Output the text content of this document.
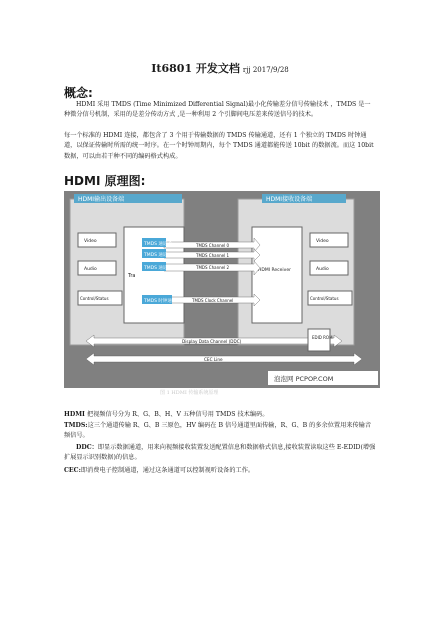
It6801 开发文档 rjj 2017/9/28
概念:
HDMI 采用 TMDS (Time Minimized Differential Signal)最小化传输差分信号传输技术 ，TMDS 是一种微分信号机制，采用的是差分传动方式 ,是一种利用 2 个引脚间电压差来传送信号的技术。
每一个标准的 HDMI 连接，都包含了 3 个用于传输数据的 TMDS 传输通道，还有 1 个独立的 TMDS 时钟通道，以保证传输时所需的统一时序。在一个时钟周期内，每个 TMDS 通道都能传送 10bit 的数据流。而这 10bit 数据，可以由若干种不同的编码格式构成。
HDMI 原理图:
HDMI输出设备端	HDMI接收设备端
Tra
HDMI Receiver
Video
Audio
Control/Status
Video
Audio
Control/Status
TMDS Channel 0
TMDS Channel 1
TMDS Channel 2
TMDS Clock Channel
TMDS 通道 0
TMDS 通道 1
TMDS 通道 2
TMDS 时钟通道
Display Data Channel (DDC)
CEC Line
EDID ROM
泡泡网 PCPOP.COM
图 1 HDMI 传输系统原理
HDMI 把视频信号分为 R、G、B、H、V 五种信号用 TMDS 技术编码。
TMDS:这三个通道传输 R、G、B 三原色，HV 编码在 B 信号通道里面传输，R、G、B 的多余位置用来传输音频信号。
DDC：即显示数据通道，用来向视频接收装置发送配置信息和数据格式信息,接收装置读取这些 E-EDID(增强扩展显示识别数据)的信息。
CEC:即消费电子控制通道，通过这条通道可以控制视听设备的工作。
